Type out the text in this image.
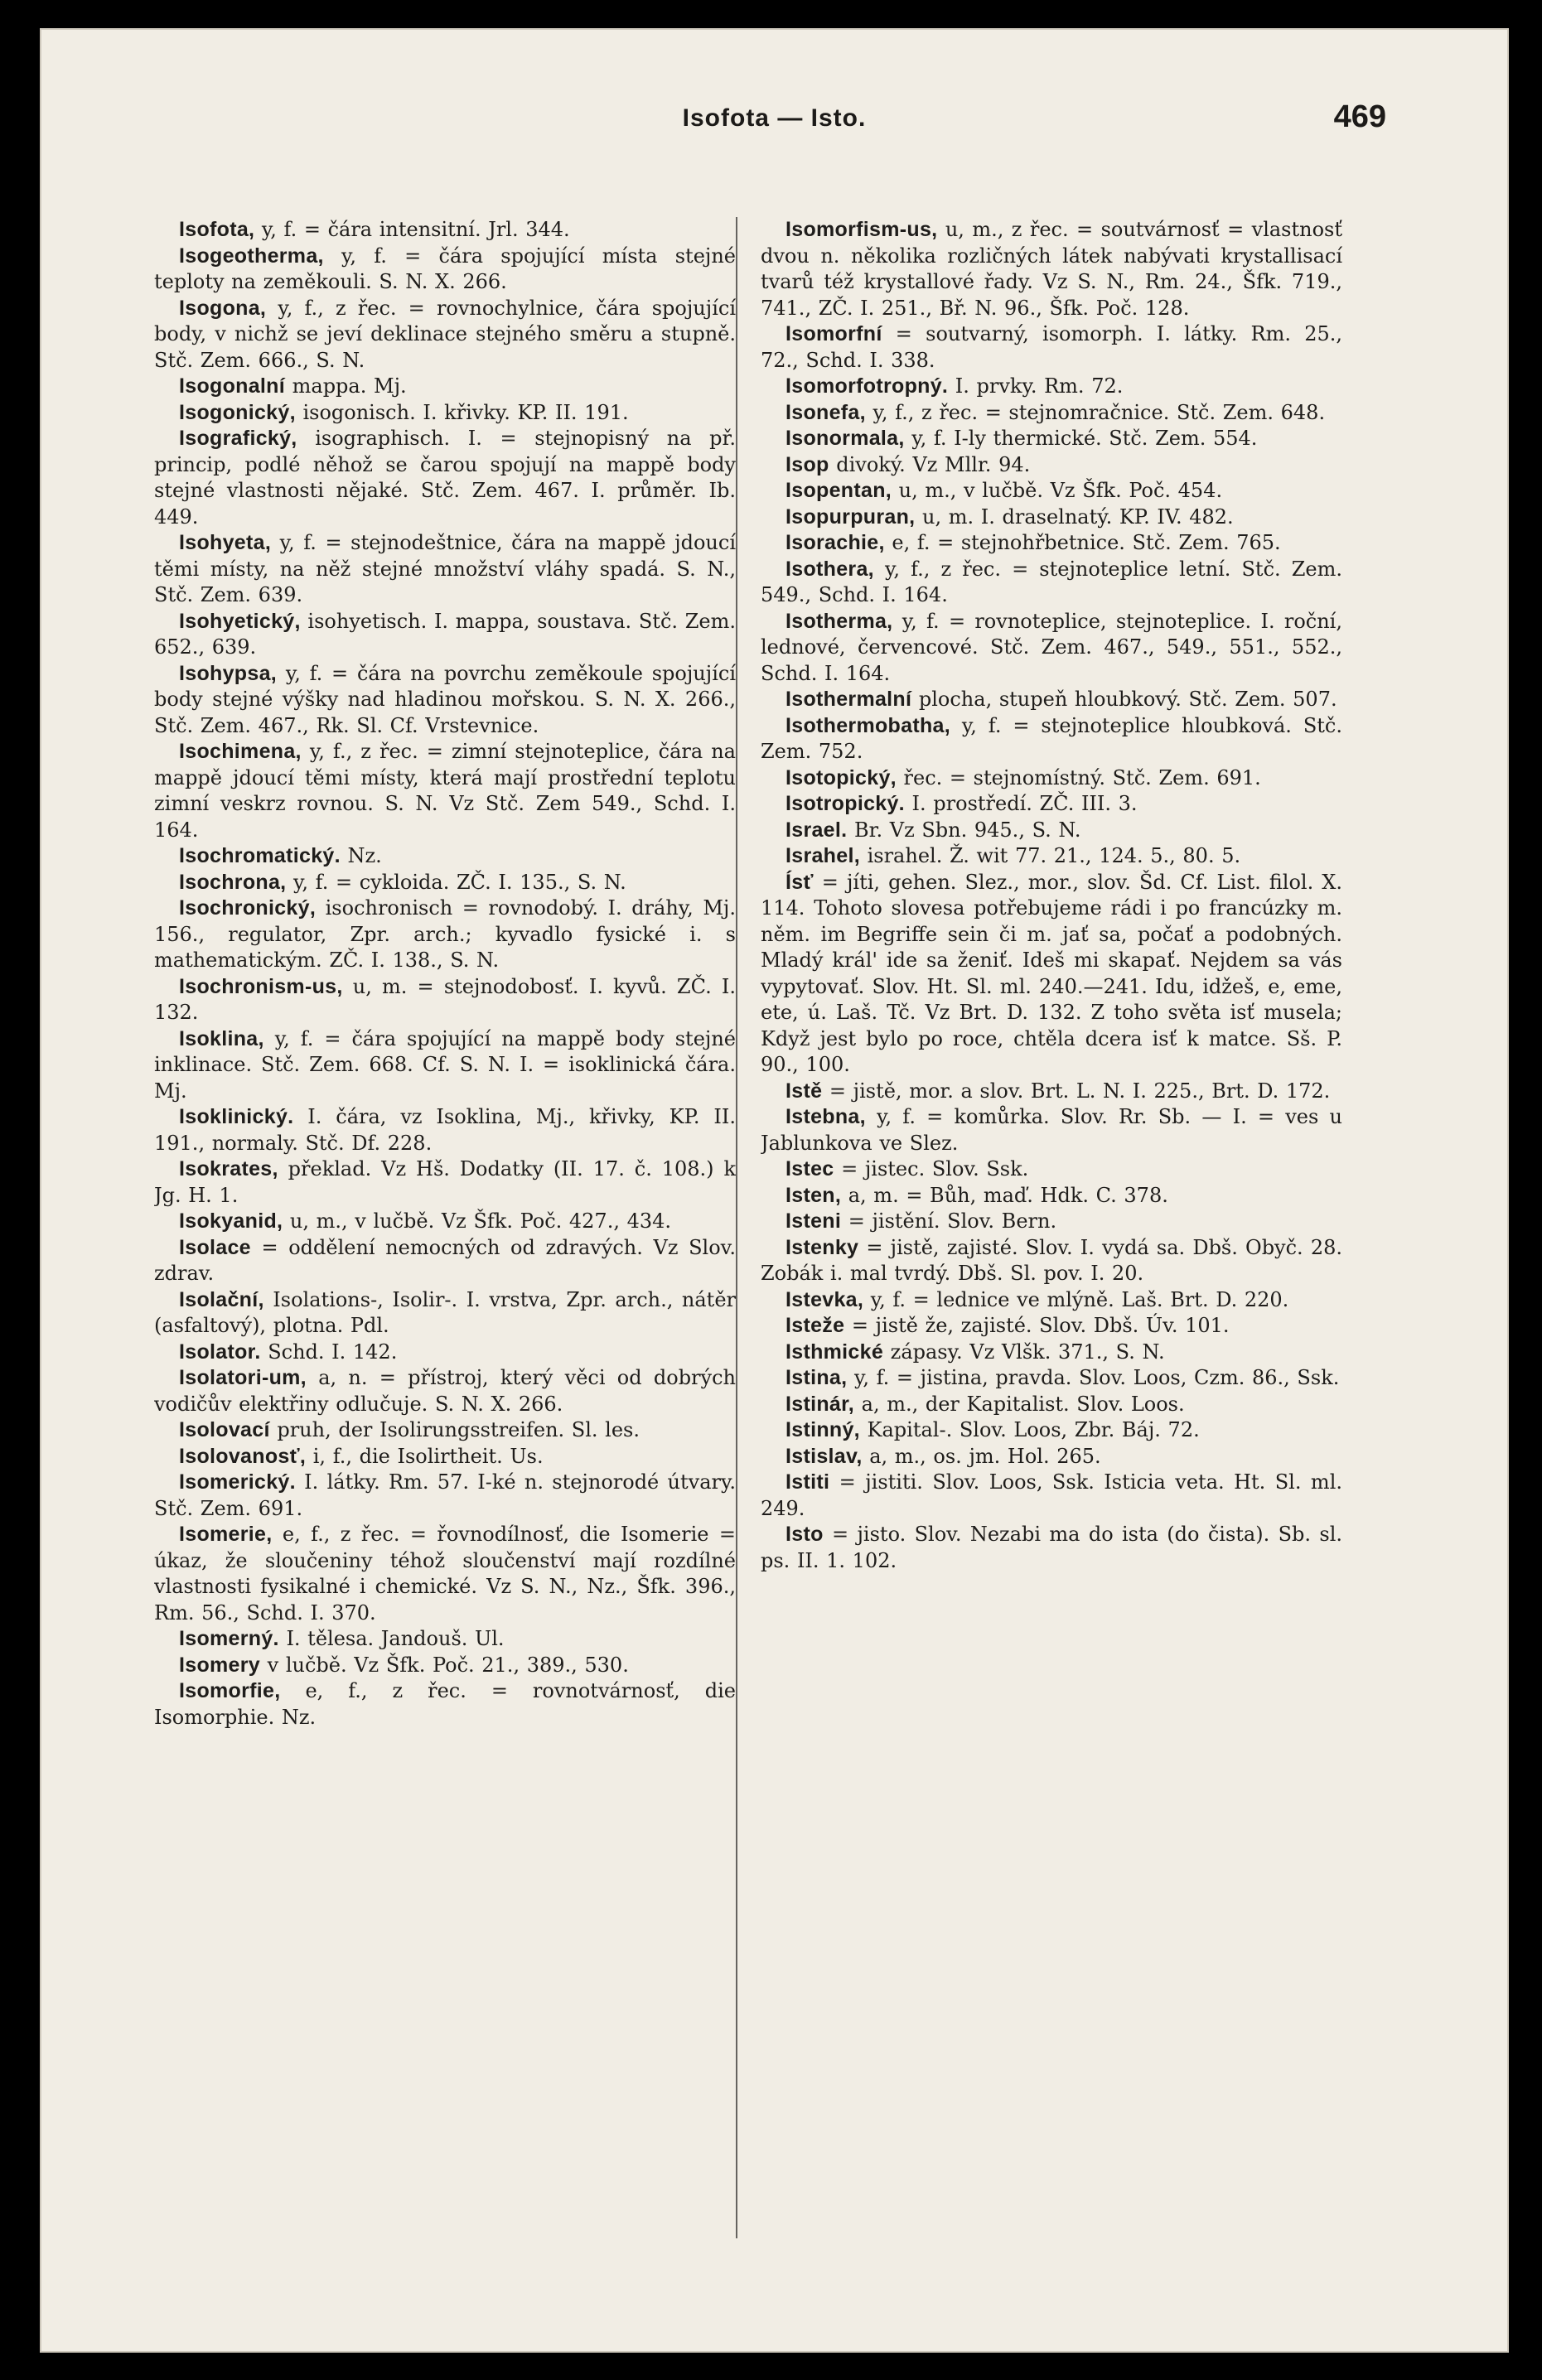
Isofota — Isto.	469

Isofota, y, f. = čára intensitní. Jrl. 344.

Isogeotherma, y, f. = čára spojující místa stejné teploty na zeměkouli. S. N. X. 266.

Isogona, y, f., z řec. = rovnochylnice, čára spojující body, v nichž se jeví deklinace stejného směru a stupně. Stč. Zem. 666., S. N.

Isogonalní mappa. Mj.

Isogonický, isogonisch. I. křivky. KP. II. 191.

Isografický, isographisch. I. = stejnopisný na př. princip, podlé něhož se čarou spojují na mappě body stejné vlastnosti nějaké. Stč. Zem. 467. I. průměr. Ib. 449.

Isohyeta, y, f. = stejnodeštnice, čára na mappě jdoucí těmi místy, na něž stejné množství vláhy spadá. S. N., Stč. Zem. 639.

Isohyetický, isohyetisch. I. mappa, soustava. Stč. Zem. 652., 639.

Isohypsa, y, f. = čára na povrchu zeměkoule spojující body stejné výšky nad hladinou mořskou. S. N. X. 266., Stč. Zem. 467., Rk. Sl. Cf. Vrstevnice.

Isochimena, y, f., z řec. = zimní stejnoteplice, čára na mappě jdoucí těmi místy, která mají prostřední teplotu zimní veskrz rovnou. S. N. Vz Stč. Zem 549., Schd. I. 164.

Isochromatický. Nz.

Isochrona, y, f. = cykloida. ZČ. I. 135., S. N.

Isochronický, isochronisch = rovnodobý. I. dráhy, Mj. 156., regulator, Zpr. arch.; kyvadlo fysické i. s mathematickým. ZČ. I. 138., S. N.

Isochronism-us, u, m. = stejnodobosť. I. kyvů. ZČ. I. 132.

Isoklina, y, f. = čára spojující na mappě body stejné inklinace. Stč. Zem. 668. Cf. S. N. I. = isoklinická čára. Mj.

Isoklinický. I. čára, vz Isoklina, Mj., křivky, KP. II. 191., normaly. Stč. Df. 228.

Isokrates, překlad. Vz Hš. Dodatky (II. 17. č. 108.) k Jg. H. 1.

Isokyanid, u, m., v lučbě. Vz Šfk. Poč. 427., 434.

Isolace = oddělení nemocných od zdravých. Vz Slov. zdrav.

Isolační, Isolations-, Isolir-. I. vrstva, Zpr. arch., nátěr (asfaltový), plotna. Pdl.

Isolator. Schd. I. 142.

Isolatori-um, a, n. = přístroj, který věci od dobrých vodičův elektřiny odlučuje. S. N. X. 266.

Isolovací pruh, der Isolirungsstreifen. Sl. les.

Isolovanosť, i, f., die Isolirtheit. Us.

Isomerický. I. látky. Rm. 57. I-ké n. stejnorodé útvary. Stč. Zem. 691.

Isomerie, e, f., z řec. = řovnodílnosť, die Isomerie = úkaz, že sloučeniny téhož sloučenství mají rozdílné vlastnosti fysikalné i chemické. Vz S. N., Nz., Šfk. 396., Rm. 56., Schd. I. 370.

Isomerný. I. tělesa. Jandouš. Ul.

Isomery v lučbě. Vz Šfk. Poč. 21., 389., 530.

Isomorfie, e, f., z řec. = rovnotvárnosť, die Isomorphie. Nz.

Isomorfism-us, u, m., z řec. = soutvárnosť = vlastnosť dvou n. několika rozličných látek nabývati krystallisací tvarů též krystallové řady. Vz S. N., Rm. 24., Šfk. 719., 741., ZČ. I. 251., Bř. N. 96., Šfk. Poč. 128.

Isomorfní = soutvarný, isomorph. I. látky. Rm. 25., 72., Schd. I. 338.

Isomorfotropný. I. prvky. Rm. 72.

Isonefa, y, f., z řec. = stejnomračnice. Stč. Zem. 648.

Isonormala, y, f. I-ly thermické. Stč. Zem. 554.

Isop divoký. Vz Mllr. 94.

Isopentan, u, m., v lučbě. Vz Šfk. Poč. 454.

Isopurpuran, u, m. I. draselnatý. KP. IV. 482.

Isorachie, e, f. = stejnohřbetnice. Stč. Zem. 765.

Isothera, y, f., z řec. = stejnoteplice letní. Stč. Zem. 549., Schd. I. 164.

Isotherma, y, f. = rovnoteplice, stejnoteplice. I. roční, lednové, červencové. Stč. Zem. 467., 549., 551., 552., Schd. I. 164.

Isothermalní plocha, stupeň hloubkový. Stč. Zem. 507.

Isothermobatha, y, f. = stejnoteplice hloubková. Stč. Zem. 752.

Isotopický, řec. = stejnomístný. Stč. Zem. 691.

Isotropický. I. prostředí. ZČ. III. 3.

Israel. Br. Vz Sbn. 945., S. N.

Israhel, israhel. Ž. wit 77. 21., 124. 5., 80. 5.

Ísť = jíti, gehen. Slez., mor., slov. Šd. Cf. List. filol. X. 114. Tohoto slovesa potřebujeme rádi i po francúzky m. něm. im Begriffe sein či m. jať sa, počať a podobných. Mladý král' ide sa ženiť. Ideš mi skapať. Nejdem sa vás vypytovať. Slov. Ht. Sl. ml. 240.—241. Idu, idžeš, e, eme, ete, ú. Laš. Tč. Vz Brt. D. 132. Z toho světa isť musela; Když jest bylo po roce, chtěla dcera isť k matce. Sš. P. 90., 100.

Istě = jistě, mor. a slov. Brt. L. N. I. 225., Brt. D. 172.

Istebna, y, f. = komůrka. Slov. Rr. Sb. — I. = ves u Jablunkova ve Slez.

Istec = jistec. Slov. Ssk.

Isten, a, m. = Bůh, maď. Hdk. C. 378.

Isteni = jistění. Slov. Bern.

Istenky = jistě, zajisté. Slov. I. vydá sa. Dbš. Obyč. 28. Zobák i. mal tvrdý. Dbš. Sl. pov. I. 20.

Istevka, y, f. = lednice ve mlýně. Laš. Brt. D. 220.

Isteže = jistě že, zajisté. Slov. Dbš. Úv. 101.

Isthmické zápasy. Vz Vlšk. 371., S. N.

Istina, y, f. = jistina, pravda. Slov. Loos, Czm. 86., Ssk.

Istinár, a, m., der Kapitalist. Slov. Loos.

Istinný, Kapital-. Slov. Loos, Zbr. Báj. 72.

Istislav, a, m., os. jm. Hol. 265.

Istiti = jistiti. Slov. Loos, Ssk. Isticia veta. Ht. Sl. ml. 249.

Isto = jisto. Slov. Nezabi ma do ista (do čista). Sb. sl. ps. II. 1. 102.
